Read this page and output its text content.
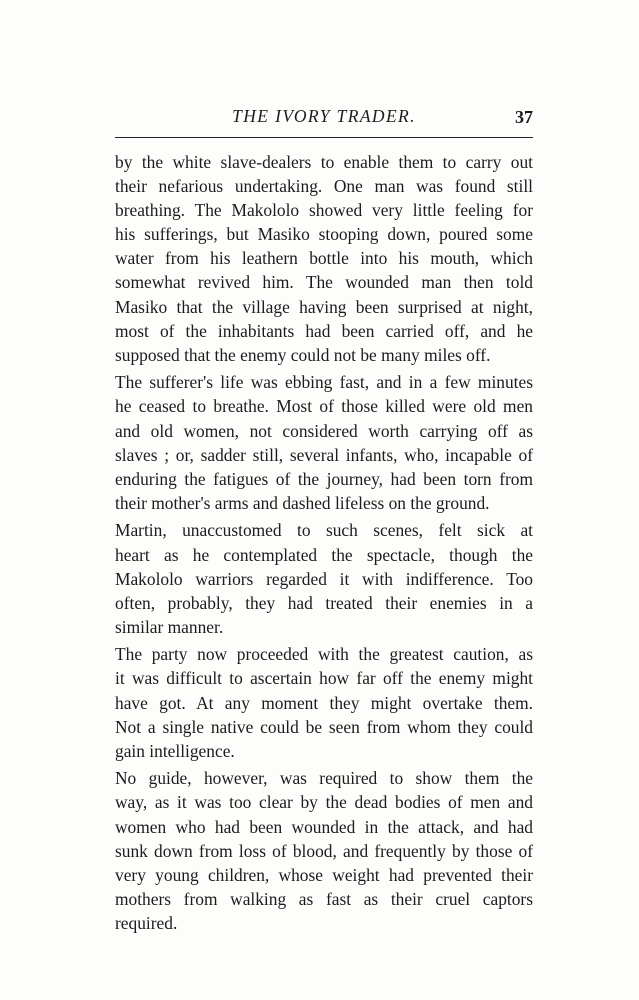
THE IVORY TRADER.	37
by the white slave-dealers to enable them to carry out
their nefarious undertaking. One man was found still
breathing. The Makololo showed very little feeling for
his sufferings, but Masiko stooping down, poured some
water from his leathern bottle into his mouth, which
somewhat revived him. The wounded man then told
Masiko that the village having been surprised at night,
most of the inhabitants had been carried off, and he
supposed that the enemy could not be many miles off.
The sufferer's life was ebbing fast, and in a few minutes
he ceased to breathe. Most of those killed were old men
and old women, not considered worth carrying off as
slaves ; or, sadder still, several infants, who, incapable of
enduring the fatigues of the journey, had been torn from
their mother's arms and dashed lifeless on the ground.
Martin, unaccustomed to such scenes, felt sick at
heart as he contemplated the spectacle, though the
Makololo warriors regarded it with indifference. Too
often, probably, they had treated their enemies in a
similar manner.
The party now proceeded with the greatest caution, as
it was difficult to ascertain how far off the enemy might
have got. At any moment they might overtake them.
Not a single native could be seen from whom they could
gain intelligence.
No guide, however, was required to show them the
way, as it was too clear by the dead bodies of men and
women who had been wounded in the attack, and had
sunk down from loss of blood, and frequently by those of
very young children, whose weight had prevented their
mothers from walking as fast as their cruel captors
required.
